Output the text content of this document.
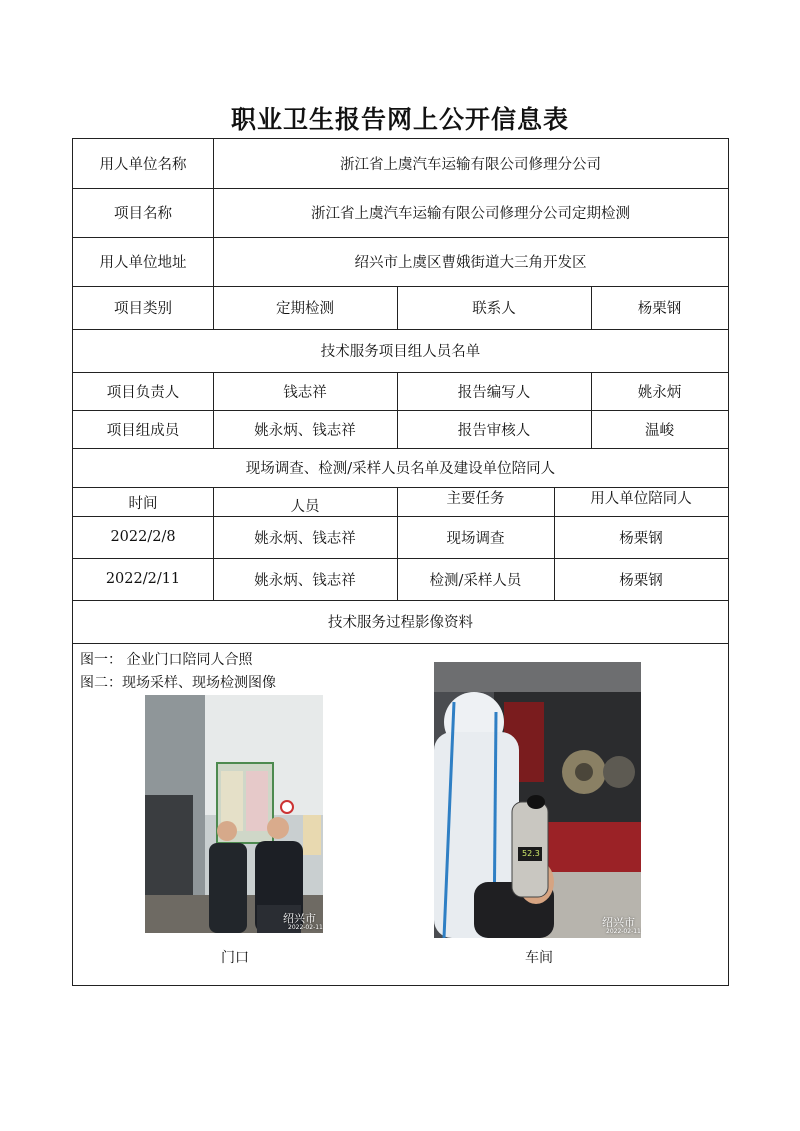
职业卫生报告网上公开信息表
用人单位名称	浙江省上虞汽车运输有限公司修理分公司
项目名称	浙江省上虞汽车运输有限公司修理分公司定期检测
用人单位地址	绍兴市上虞区曹娥街道大三角开发区
项目类别	定期检测	联系人	杨栗钢
技术服务项目组人员名单
项目负责人	钱志祥	报告编写人	姚永炳
项目组成员	姚永炳、钱志祥	报告审核人	温峻
现场调查、检测/采样人员名单及建设单位陪同人
时间	人员	主要任务	用人单位陪同人
2022/2/8	姚永炳、钱志祥	现场调查	杨栗钢
2022/2/11	姚永炳、钱志祥	检测/采样人员	杨栗钢
技术服务过程影像资料
图一： 企业门口陪同人合照
图二：现场采样、现场检测图像
绍兴市
2022-02-11
门口
52.3
绍兴市
2022-02-11
车间
